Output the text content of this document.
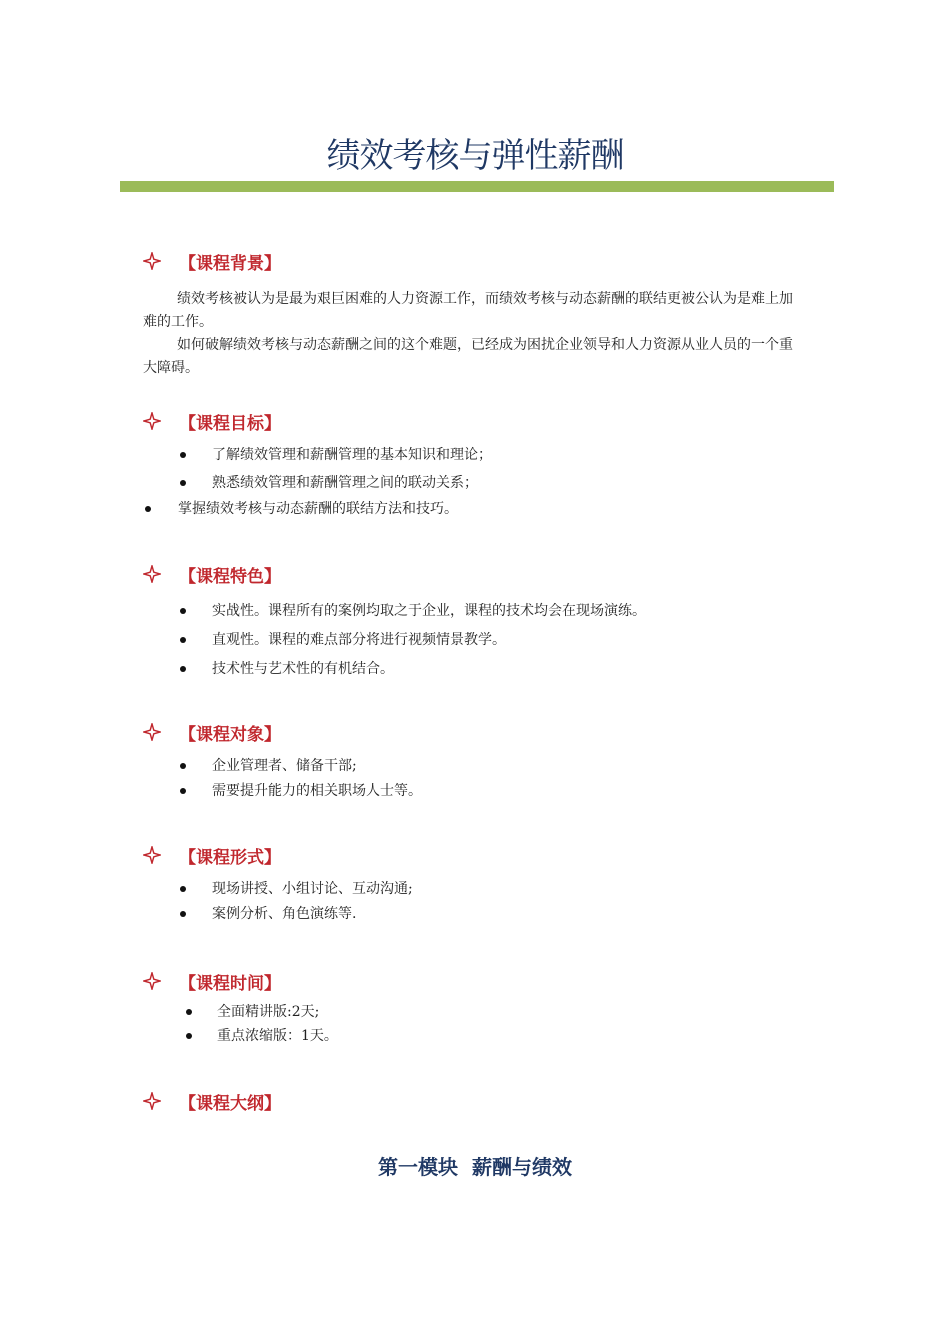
绩效考核与弹性薪酬
【课程背景】

绩效考核被认为是最为艰巨困难的人力资源工作，而绩效考核与动态薪酬的联结更被公认为是难上加难的工作。

如何破解绩效考核与动态薪酬之间的这个难题，已经成为困扰企业领导和人力资源从业人员的一个重大障碍。

【课程目标】
了解绩效管理和薪酬管理的基本知识和理论；
熟悉绩效管理和薪酬管理之间的联动关系；
掌握绩效考核与动态薪酬的联结方法和技巧。
【课程特色】
实战性。课程所有的案例均取之于企业，课程的技术均会在现场演练。
直观性。课程的难点部分将进行视频情景教学。
技术性与艺术性的有机结合。
【课程对象】
企业管理者、储备干部;
需要提升能力的相关职场人士等。
【课程形式】
现场讲授、小组讨论、互动沟通;
案例分析、角色演练等.
【课程时间】
全面精讲版:2天;
重点浓缩版：1天。
【课程大纲】
第一模块 薪酬与绩效
